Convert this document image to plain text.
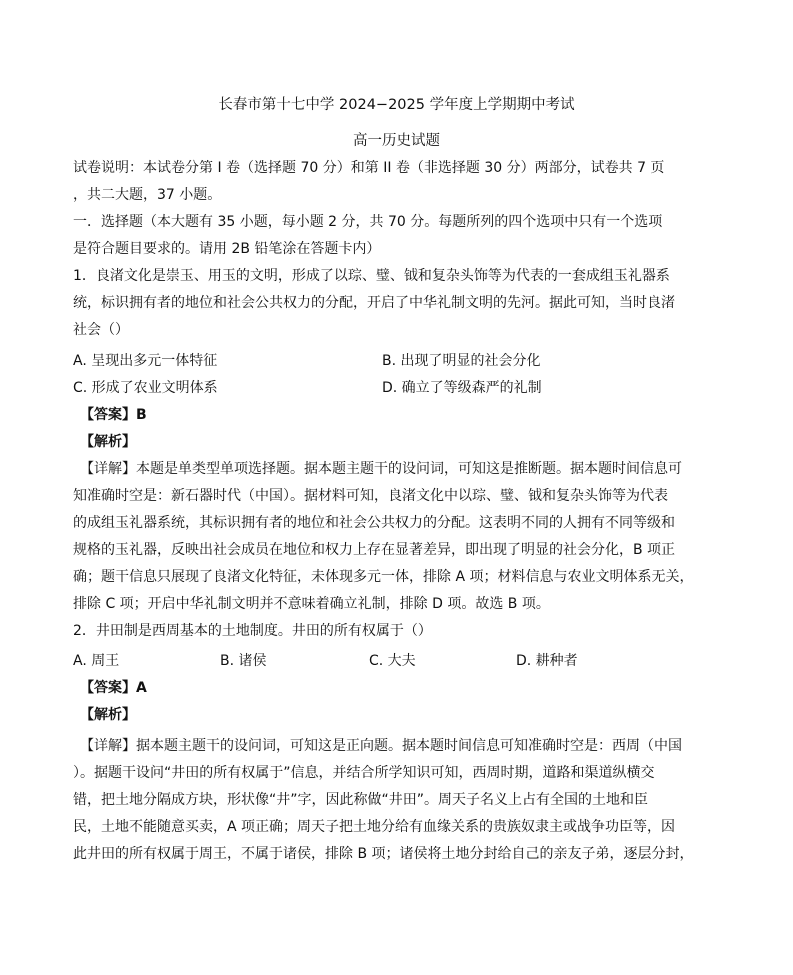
长春市第十七中学 2024−2025 学年度上学期期中考试
高一历史试题
试卷说明：本试卷分第 I 卷（选择题 70 分）和第 II 卷（非选择题 30 分）两部分，试卷共 7 页
，共二大题，37 小题。
一．选择题（本大题有 35 小题，每小题 2 分，共 70 分。每题所列的四个选项中只有一个选项
是符合题目要求的。请用 2B 铅笔涂在答题卡内）
1．良渚文化是崇玉、用玉的文明，形成了以琮、璧、钺和复杂头饰等为代表的一套成组玉礼器系
统，标识拥有者的地位和社会公共权力的分配，开启了中华礼制文明的先河。据此可知，当时良渚
社会（）
A. 呈现出多元一体特征	B. 出现了明显的社会分化
C. 形成了农业文明体系	D. 确立了等级森严的礼制
【答案】B
【解析】
【详解】本题是单类型单项选择题。据本题主题干的设问词，可知这是推断题。据本题时间信息可
知准确时空是：新石器时代（中国）。据材料可知，良渚文化中以琮、璧、钺和复杂头饰等为代表
的成组玉礼器系统，其标识拥有者的地位和社会公共权力的分配。这表明不同的人拥有不同等级和
规格的玉礼器，反映出社会成员在地位和权力上存在显著差异，即出现了明显的社会分化，B 项正
确；题干信息只展现了良渚文化特征，未体现多元一体，排除 A 项；材料信息与农业文明体系无关，
排除 C 项；开启中华礼制文明并不意味着确立礼制，排除 D 项。故选 B 项。
2．井田制是西周基本的土地制度。井田的所有权属于（）
A. 周王	B. 诸侯	C. 大夫	D. 耕种者
【答案】A
【解析】
【详解】据本题主题干的设问词，可知这是正向题。据本题时间信息可知准确时空是：西周（中国
）。据题干设问“井田的所有权属于”信息，并结合所学知识可知，西周时期，道路和渠道纵横交
错，把土地分隔成方块，形状像“井”字，因此称做“井田”。周天子名义上占有全国的土地和臣
民，土地不能随意买卖，A 项正确；周天子把土地分给有血缘关系的贵族奴隶主或战争功臣等，因
此井田的所有权属于周王，不属于诸侯，排除 B 项；诸侯将土地分封给自己的亲友子弟，逐层分封，
